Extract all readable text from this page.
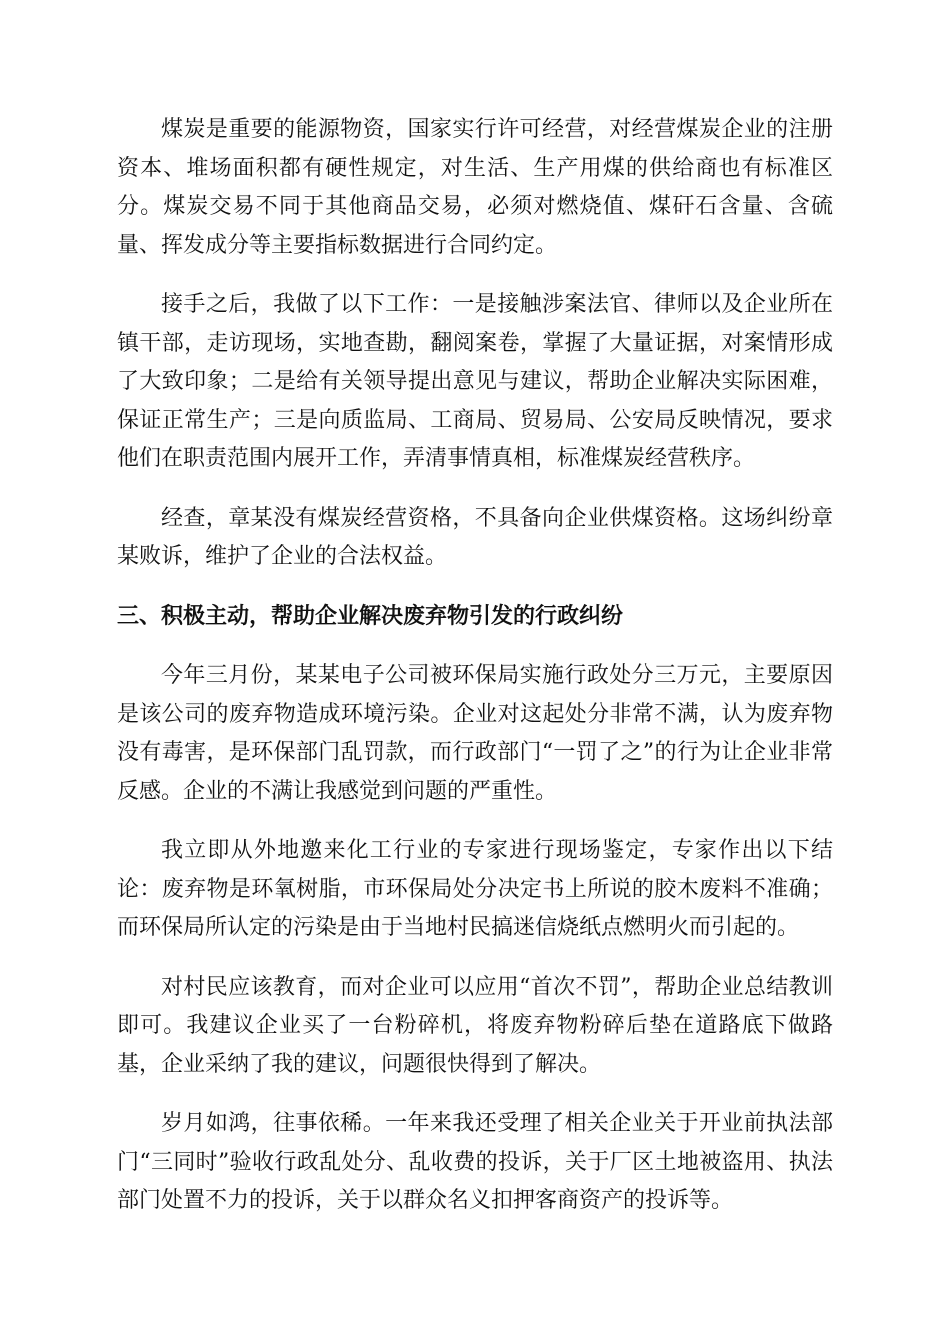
煤炭是重要的能源物资，国家实行许可经营，对经营煤炭企业的注册资本、堆场面积都有硬性规定，对生活、生产用煤的供给商也有标准区分。煤炭交易不同于其他商品交易，必须对燃烧值、煤矸石含量、含硫量、挥发成分等主要指标数据进行合同约定。

接手之后，我做了以下工作：一是接触涉案法官、律师以及企业所在镇干部，走访现场，实地查勘，翻阅案卷，掌握了大量证据，对案情形成了大致印象；二是给有关领导提出意见与建议，帮助企业解决实际困难，保证正常生产；三是向质监局、工商局、贸易局、公安局反映情况，要求他们在职责范围内展开工作，弄清事情真相，标准煤炭经营秩序。

经查，章某没有煤炭经营资格，不具备向企业供煤资格。这场纠纷章某败诉，维护了企业的合法权益。

三、积极主动，帮助企业解决废弃物引发的行政纠纷

今年三月份，某某电子公司被环保局实施行政处分三万元，主要原因是该公司的废弃物造成环境污染。企业对这起处分非常不满，认为废弃物没有毒害，是环保部门乱罚款，而行政部门“一罚了之”的行为让企业非常反感。企业的不满让我感觉到问题的严重性。

我立即从外地邀来化工行业的专家进行现场鉴定，专家作出以下结论：废弃物是环氧树脂，市环保局处分决定书上所说的胶木废料不准确；而环保局所认定的污染是由于当地村民搞迷信烧纸点燃明火而引起的。

对村民应该教育，而对企业可以应用“首次不罚”，帮助企业总结教训即可。我建议企业买了一台粉碎机，将废弃物粉碎后垫在道路底下做路基，企业采纳了我的建议，问题很快得到了解决。

岁月如鸿，往事依稀。一年来我还受理了相关企业关于开业前执法部门“三同时”验收行政乱处分、乱收费的投诉，关于厂区土地被盗用、执法部门处置不力的投诉，关于以群众名义扣押客商资产的投诉等。
